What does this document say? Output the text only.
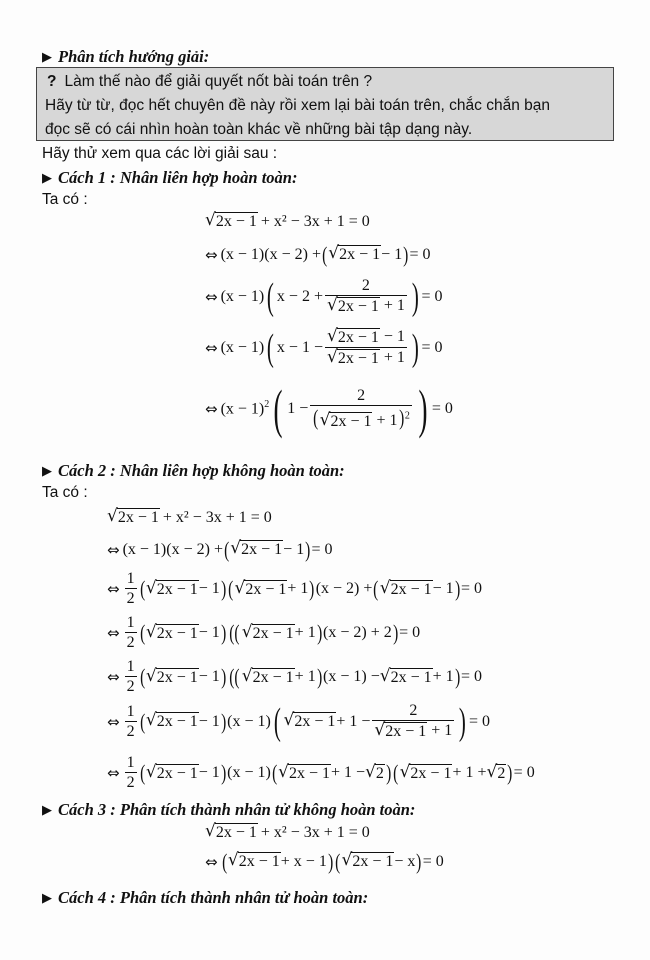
▶ Phân tích hướng giải:
? Làm thế nào để giải quyết nốt bài toán trên ?
Hãy từ từ, đọc hết chuyên đề này rồi xem lại bài toán trên, chắc chắn bạn
đọc sẽ có cái nhìn hoàn toàn khác về những bài tập dạng này.
Hãy thử xem qua các lời giải sau :
▶ Cách 1 : Nhân liên hợp hoàn toàn:
Ta có :
√ 2x − 1 + x² − 3x + 1 = 0
⇔ (x − 1)(x − 2) + ( √ 2x − 1 − 1 ) = 0
⇔ (x − 1) ( $x - 2 + \frac{2}{√ 2x - 1 + 1}$ ) = 0
⇔ (x − 1) ( $x - 1 - \frac{√ 2x - 1 - 1}{√ 2x - 1 + 1}$ ) = 0
⇔ $(x - 1)^2$ ( $1 - \frac{2}{( √ 2x - 1 + 1)^2}$ ) = 0
▶ Cách 2 : Nhân liên hợp không hoàn toàn:
Ta có :
√ 2x − 1 + x² − 3x + 1 = 0
⇔ (x − 1)(x − 2) + ( √ 2x − 1 − 1 ) = 0
⇔ $\frac{1}{2}$ ( √ 2x − 1 − 1 ) ( √ 2x − 1 + 1 ) (x − 2) + ( √ 2x − 1 − 1 ) = 0
⇔ $\frac{1}{2}$ ( √ 2x − 1 − 1 ) (( √ 2x − 1 + 1 ) (x − 2) + 2 ) = 0
⇔ $\frac{1}{2}$ ( √ 2x − 1 − 1 ) (( √ 2x − 1 + 1 ) (x − 1) − √ 2x − 1 + 1 ) = 0
⇔ $\frac{1}{2}$ ( √ 2x − 1 − 1 ) (x − 1) ( √ $2x - 1 + 1 - \frac{2}{√ 2x - 1 + 1}$ ) = 0
⇔ $\frac{1}{2}$ ( √ 2x − 1 − 1 ) (x − 1) ( √ 2x − 1 + 1 − √ 2 ) ( √ 2x − 1 + 1 + √ 2 ) = 0
▶ Cách 3 : Phân tích thành nhân tử không hoàn toàn:
√ 2x − 1 + x² − 3x + 1 = 0
⇔ ( √ 2x − 1 + x − 1 ) ( √ 2x − 1 − x ) = 0
▶ Cách 4 : Phân tích thành nhân tử hoàn toàn:
